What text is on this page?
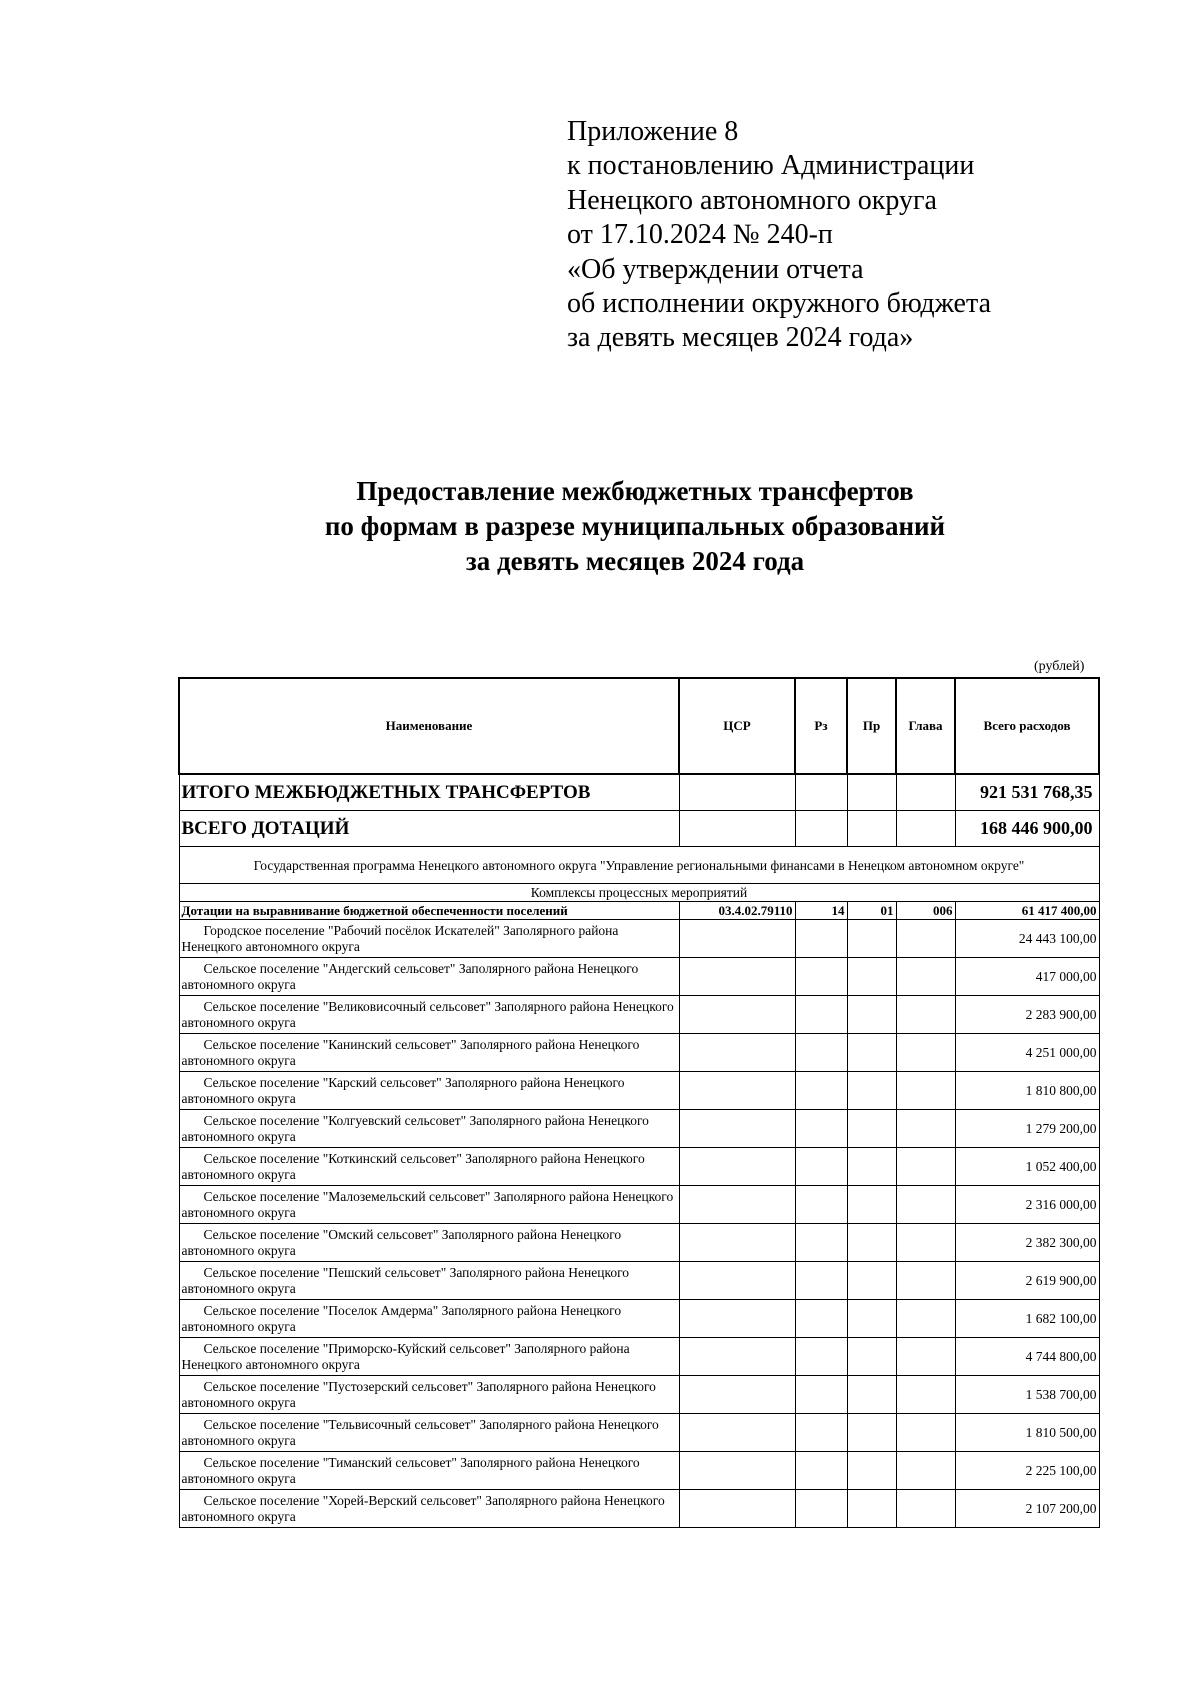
Приложение 8
к постановлению Администрации
Ненецкого автономного округа
от 17.10.2024 № 240-п
«Об утверждении отчета
об исполнении окружного бюджета
за девять месяцев 2024 года»
Предоставление межбюджетных трансфертов
по формам в разрезе муниципальных образований
за девять месяцев 2024 года
(рублей)
Наименование	ЦСР	Рз	Пр	Глава	Всего расходов
ИТОГО МЕЖБЮДЖЕТНЫХ ТРАНСФЕРТОВ					921 531 768,35
ВСЕГО ДОТАЦИЙ					168 446 900,00
Государственная программа Ненецкого автономного округа "Управление региональными финансами в Ненецком автономном округе"					
Комплексы процессных мероприятий					
Дотации на выравнивание бюджетной обеспеченности поселений	03.4.02.79110	14	01	006	61 417 400,00
Городское поселение "Рабочий посёлок Искателей" Заполярного района Ненецкого автономного округа					24 443 100,00
Сельское поселение "Андегский сельсовет" Заполярного района Ненецкого автономного округа					417 000,00
Сельское поселение "Великовисочный сельсовет" Заполярного района Ненецкого автономного округа					2 283 900,00
Сельское поселение "Канинский сельсовет" Заполярного района Ненецкого автономного округа					4 251 000,00
Сельское поселение "Карский сельсовет" Заполярного района Ненецкого автономного округа					1 810 800,00
Сельское поселение "Колгуевский сельсовет" Заполярного района Ненецкого автономного округа					1 279 200,00
Сельское поселение "Коткинский сельсовет" Заполярного района Ненецкого автономного округа					1 052 400,00
Сельское поселение "Малоземельский сельсовет" Заполярного района Ненецкого автономного округа					2 316 000,00
Сельское поселение "Омский сельсовет" Заполярного района Ненецкого автономного округа					2 382 300,00
Сельское поселение "Пешский сельсовет" Заполярного района Ненецкого автономного округа					2 619 900,00
Сельское поселение "Поселок Амдерма" Заполярного района Ненецкого автономного округа					1 682 100,00
Сельское поселение "Приморско-Куйский сельсовет" Заполярного района Ненецкого автономного округа					4 744 800,00
Сельское поселение "Пустозерский сельсовет" Заполярного района Ненецкого автономного округа					1 538 700,00
Сельское поселение "Тельвисочный сельсовет" Заполярного района Ненецкого автономного округа					1 810 500,00
Сельское поселение "Тиманский сельсовет" Заполярного района Ненецкого автономного округа					2 225 100,00
Сельское поселение "Хорей-Верский сельсовет" Заполярного района Ненецкого автономного округа					2 107 200,00
